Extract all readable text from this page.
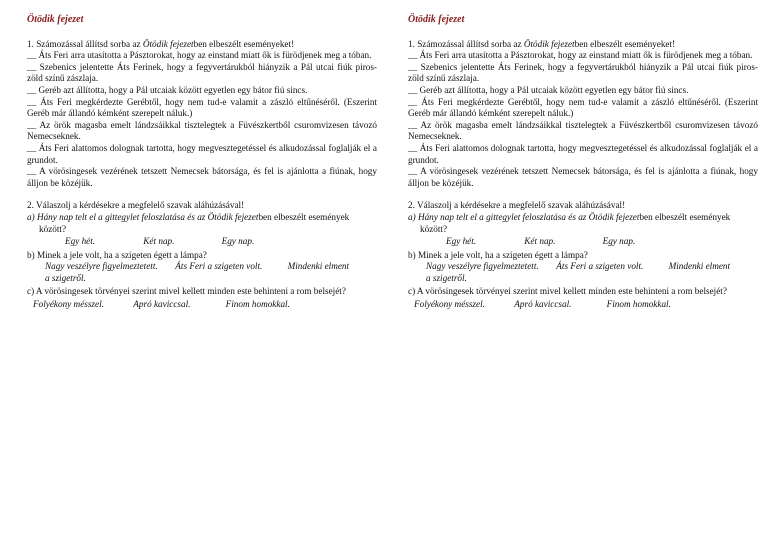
Ötödik fejezet
1. Számozással állítsd sorba az Ötödik fejezetben elbeszélt eseményeket!
__ Áts Feri arra utasította a Pásztorokat, hogy az einstand miatt ők is fürödjenek meg a tóban.
__ Szebenics jelentette Áts Ferinek, hogy a fegyvertárukból hiányzik a Pál utcai fiúk piros-zöld színű zászlaja.
__ Geréb azt állította, hogy a Pál utcaiak között egyetlen egy bátor fiú sincs.
__ Áts Feri megkérdezte Gerébtől, hogy nem tud-e valamit a zászló eltűnéséről. (Eszerint Geréb már állandó kémként szerepelt náluk.)
__ Az örök magasba emelt lándzsáikkal tisztelegtek a Füvészkertből csuromvizesen távozó Nemecseknek.
__ Áts Feri alattomos dolognak tartotta, hogy megvesztegetéssel és alkudozással foglalják el a grundot.
__ A vörösingesek vezérének tetszett Nemecsek bátorsága, és fel is ajánlotta a fiúnak, hogy álljon be közéjük.
2. Válaszolj a kérdésekre a megfelelő szavak aláhúzásával!
a) Hány nap telt el a gittegylet feloszlatása és az Ötödik fejezetben elbeszélt események
között?
Egy hét.	Két nap.	Egy nap.
b) Minek a jele volt, ha a szigeten égett a lámpa?
Nagy veszélyre figyelmeztetett. Áts Feri a szigeten volt.	Mindenki elment
a szigetről.
c) A vörösingesek törvényei szerint mivel kellett minden este behinteni a rom belsejét?
Folyékony mésszel.	Apró kaviccsal.	Finom homokkal.
Ötödik fejezet
1. Számozással állítsd sorba az Ötödik fejezetben elbeszélt eseményeket!
__ Áts Feri arra utasította a Pásztorokat, hogy az einstand miatt ők is fürödjenek meg a tóban.
__ Szebenics jelentette Áts Ferinek, hogy a fegyvertárukból hiányzik a Pál utcai fiúk piros-zöld színű zászlaja.
__ Geréb azt állította, hogy a Pál utcaiak között egyetlen egy bátor fiú sincs.
__ Áts Feri megkérdezte Gerébtől, hogy nem tud-e valamit a zászló eltűnéséről. (Eszerint Geréb már állandó kémként szerepelt náluk.)
__ Az örök magasba emelt lándzsáikkal tisztelegtek a Füvészkertből csuromvizesen távozó Nemecseknek.
__ Áts Feri alattomos dolognak tartotta, hogy megvesztegetéssel és alkudozással foglalják el a grundot.
__ A vörösingesek vezérének tetszett Nemecsek bátorsága, és fel is ajánlotta a fiúnak, hogy álljon be közéjük.
2. Válaszolj a kérdésekre a megfelelő szavak aláhúzásával!
a) Hány nap telt el a gittegylet feloszlatása és az Ötödik fejezetben elbeszélt események
között?
Egy hét.	Két nap.	Egy nap.
b) Minek a jele volt, ha a szigeten égett a lámpa?
Nagy veszélyre figyelmeztetett. Áts Feri a szigeten volt.	Mindenki elment
a szigetről.
c) A vörösingesek törvényei szerint mivel kellett minden este behinteni a rom belsejét?
Folyékony mésszel.	Apró kaviccsal.	Finom homokkal.
